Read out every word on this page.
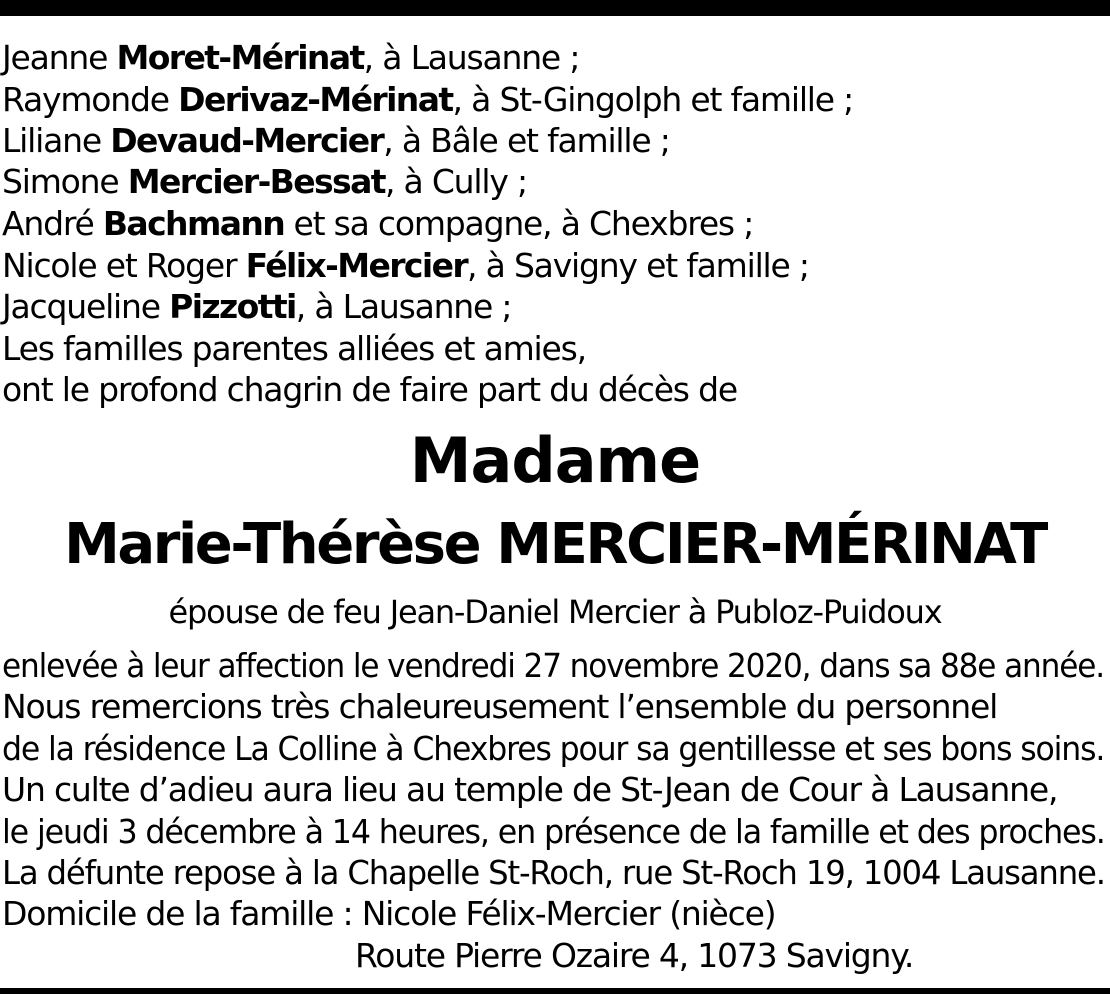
Jeanne Moret-Mérinat, à Lausanne ;
Raymonde Derivaz-Mérinat, à St-Gingolph et famille ;
Liliane Devaud-Mercier, à Bâle et famille ;
Simone Mercier-Bessat, à Cully ;
André Bachmann et sa compagne, à Chexbres ;
Nicole et Roger Félix-Mercier, à Savigny et famille ;
Jacqueline Pizzotti, à Lausanne ;
Les familles parentes alliées et amies,
ont le profond chagrin de faire part du décès de
Madame
Marie-Thérèse MERCIER-MÉRINAT
épouse de feu Jean-Daniel Mercier à Publoz-Puidoux
enlevée à leur affection le vendredi 27 novembre 2020, dans sa 88e année.
Nous remercions très chaleureusement l’ensemble du personnel
de la résidence La Colline à Chexbres pour sa gentillesse et ses bons soins.
Un culte d’adieu aura lieu au temple de St-Jean de Cour à Lausanne,
le jeudi 3 décembre à 14 heures, en présence de la famille et des proches.
La défunte repose à la Chapelle St-Roch, rue St-Roch 19, 1004 Lausanne.
Domicile de la famille : Nicole Félix-Mercier (nièce)
Route Pierre Ozaire 4, 1073 Savigny.
